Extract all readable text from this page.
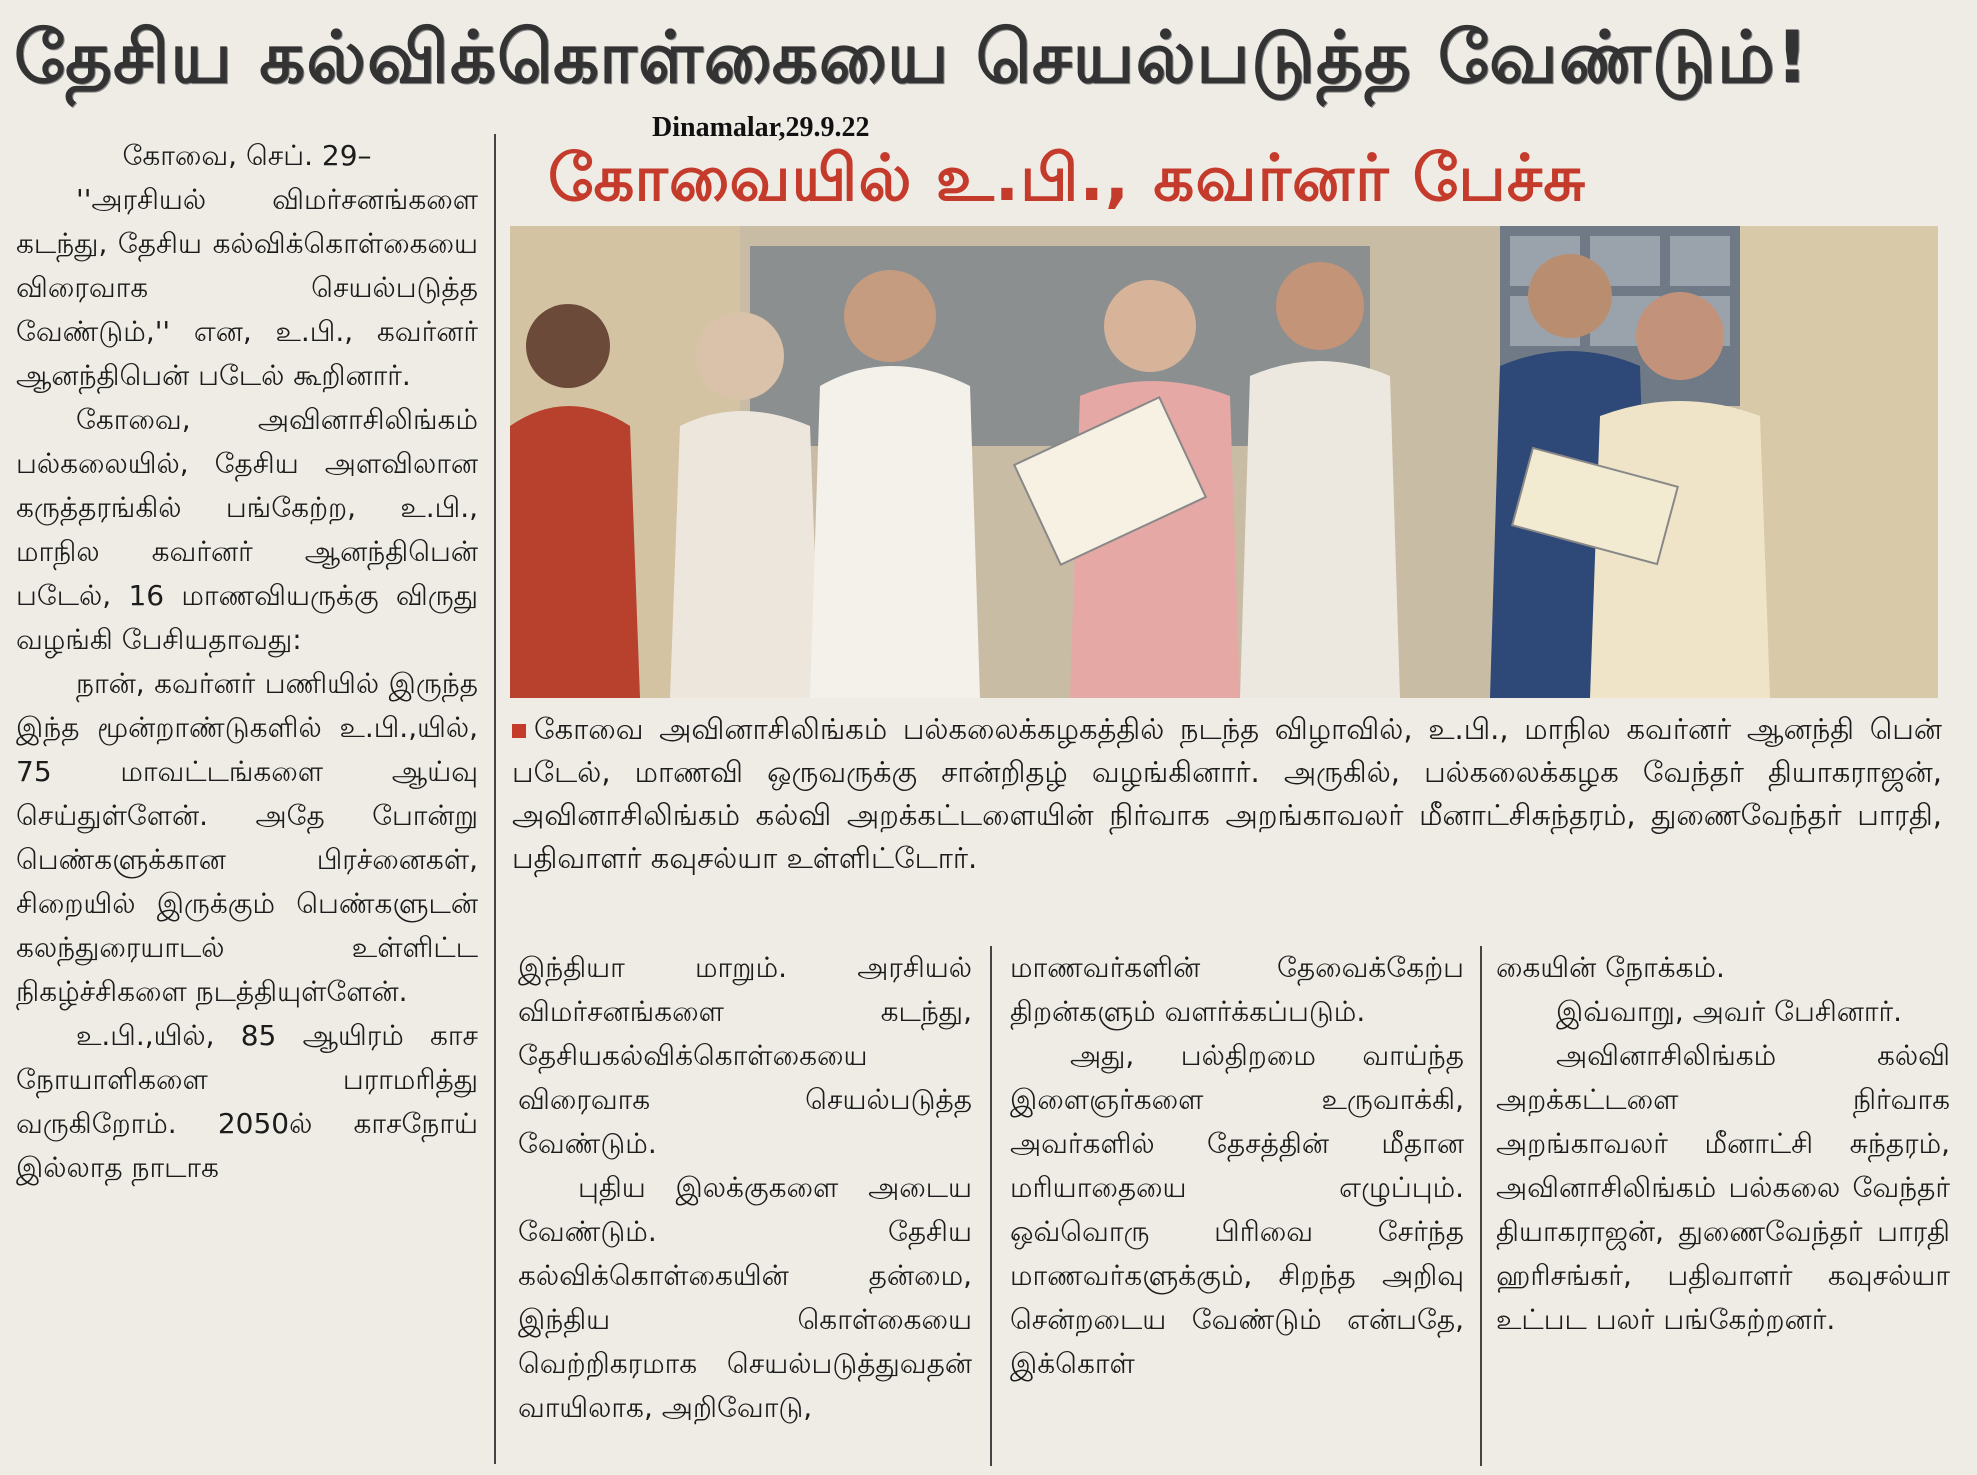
தேசிய கல்விக்கொள்கையை செயல்படுத்த வேண்டும்!
Dinamalar,29.9.22
கோவையில் உ.பி., கவர்னர் பேச்சு

கோவை, செப். 29–

''அரசியல் விமர்சனங்களை கடந்து, தேசிய கல்விக்கொள்கையை விரைவாக செயல்படுத்த வேண்டும்,'' என, உ.பி., கவர்னர் ஆனந்திபென் படேல் கூறினார்.

கோவை, அவினாசிலிங்கம் பல்கலையில், தேசிய அளவிலான கருத்தரங்கில் பங்கேற்ற, உ.பி., மாநில கவர்னர் ஆனந்திபென் படேல், 16 மாணவியருக்கு விருது வழங்கி பேசியதாவது:

நான், கவர்னர் பணியில் இருந்த இந்த மூன்றாண்டுகளில் உ.பி.,யில், 75 மாவட்டங்களை ஆய்வு செய்துள்ளேன். அதே போன்று பெண்களுக்கான பிரச்னைகள், சிறையில் இருக்கும் பெண்களுடன் கலந்துரையாடல் உள்ளிட்ட நிகழ்ச்சிகளை நடத்தியுள்ளேன்.

உ.பி.,யில், 85 ஆயிரம் காச நோயாளிகளை பராமரித்து வருகிறோம். 2050ல் காசநோய் இல்லாத நாடாக

கோவை அவினாசிலிங்கம் பல்கலைக்கழகத்தில் நடந்த விழாவில், உ.பி., மாநில கவர்னர் ஆனந்தி பென் படேல், மாணவி ஒருவருக்கு சான்றிதழ் வழங்கினார். அருகில், பல்கலைக்கழக வேந்தர் தியாகராஜன், அவினாசிலிங்கம் கல்வி அறக்கட்டளையின் நிர்வாக அறங்காவலர் மீனாட்சிசுந்தரம், துணைவேந்தர் பாரதி, பதிவாளர் கவுசல்யா உள்ளிட்டோர்.

இந்தியா மாறும். அரசியல் விமர்சனங்களை கடந்து, தேசியகல்விக்கொள்கையை விரைவாக செயல்படுத்த வேண்டும்.

புதிய இலக்குகளை அடைய வேண்டும். தேசிய கல்விக்கொள்கையின் தன்மை, இந்திய கொள்கையை வெற்றிகரமாக செயல்படுத்துவதன் வாயிலாக, அறிவோடு,

மாணவர்களின் தேவைக்கேற்ப திறன்களும் வளர்க்கப்படும்.

அது, பல்திறமை வாய்ந்த இளைஞர்களை உருவாக்கி, அவர்களில் தேசத்தின் மீதான மரியாதையை எழுப்பும். ஒவ்வொரு பிரிவை சேர்ந்த மாணவர்களுக்கும், சிறந்த அறிவு சென்றடைய வேண்டும் என்பதே, இக்கொள்

கையின் நோக்கம்.

இவ்வாறு, அவர் பேசினார்.

அவினாசிலிங்கம் கல்வி அறக்கட்டளை நிர்வாக அறங்காவலர் மீனாட்சி சுந்தரம், அவினாசிலிங்கம் பல்கலை வேந்தர் தியாகராஜன், துணைவேந்தர் பாரதி ஹரிசங்கர், பதிவாளர் கவுசல்யா உட்பட பலர் பங்கேற்றனர்.
